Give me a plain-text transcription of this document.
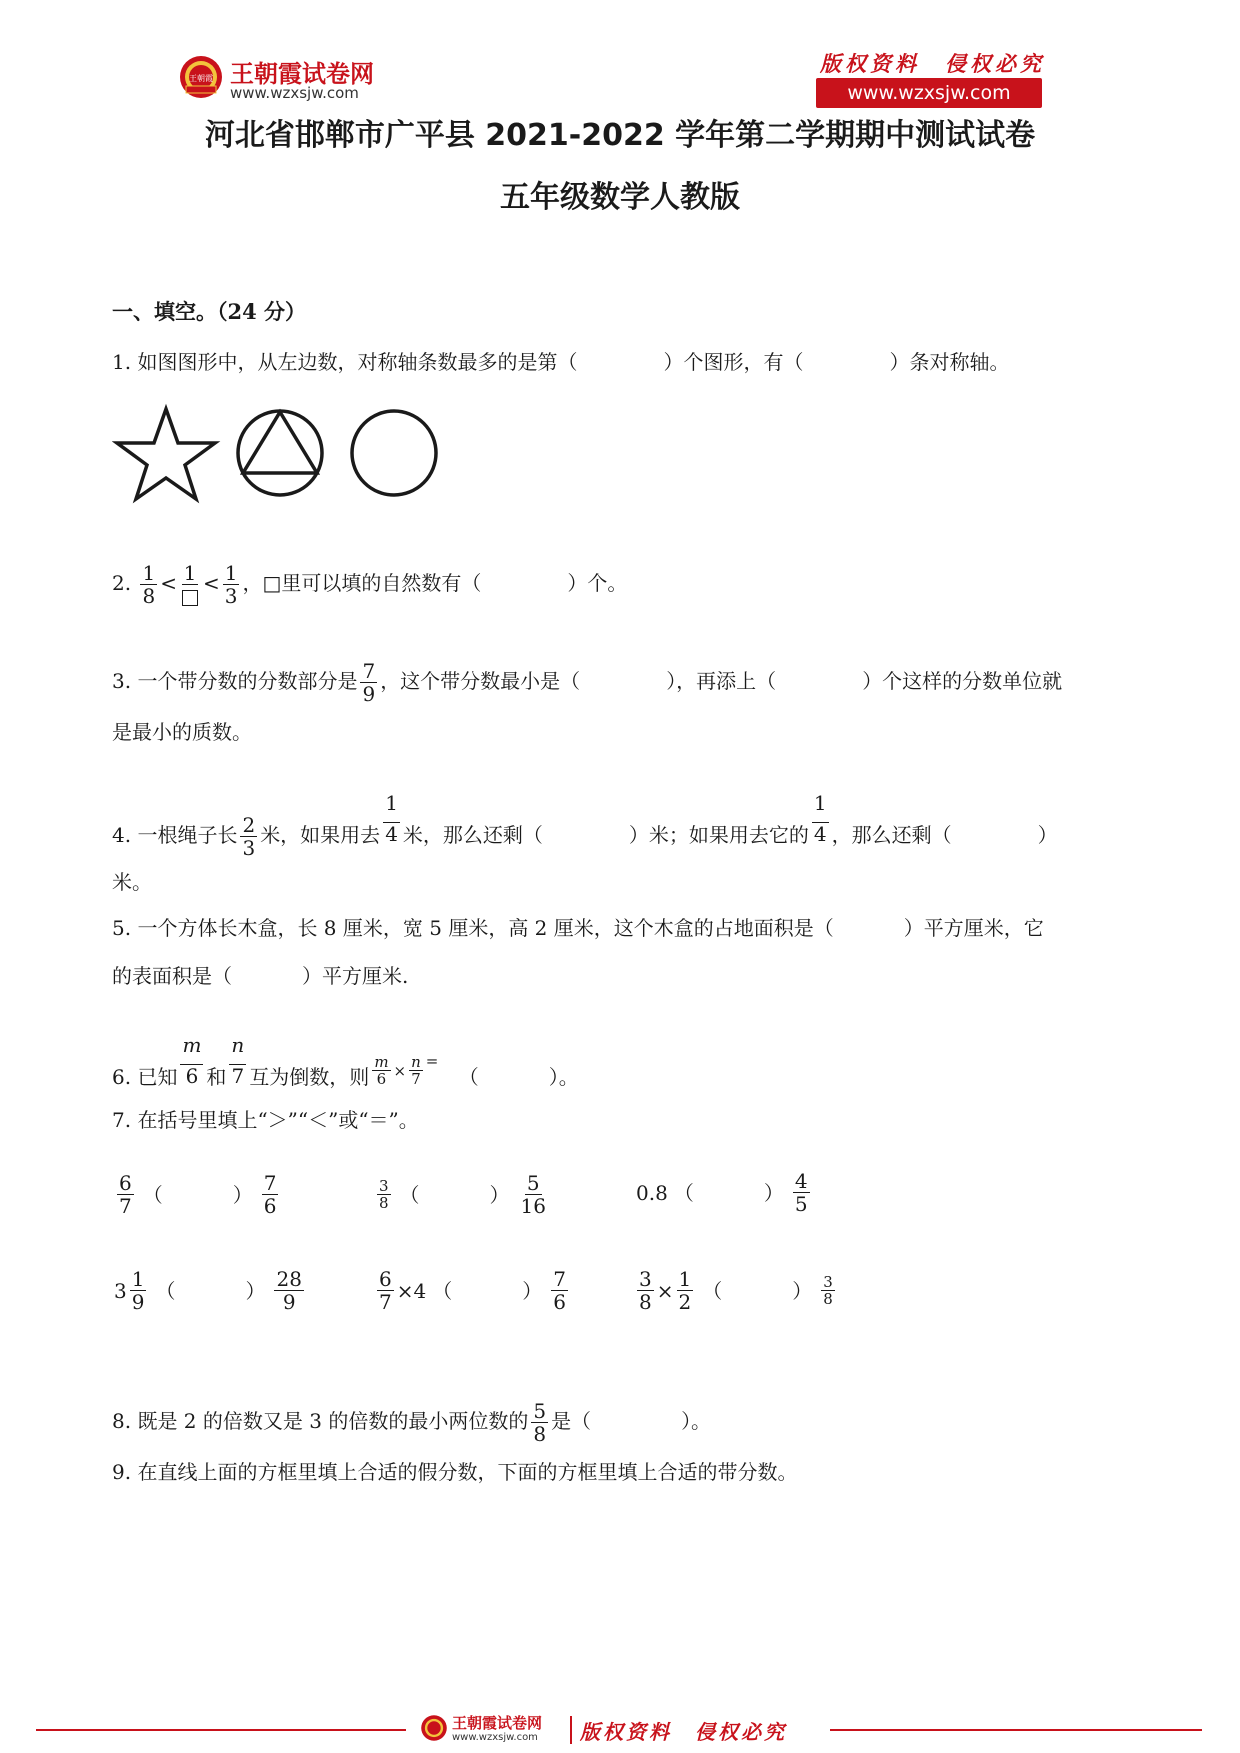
王朝霞 王朝霞试卷网
www.wzxsjw.com
版权资料　侵权必究
www.wzxsjw.com
河北省邯郸市广平县 2021-2022 学年第二学期期中测试试卷
五年级数学人教版
一、填空。（24 分）
1. 如图图形中，从左边数，对称轴条数最多的是第（	）个图形，有（	）条对称轴。
2. $\frac{1}{8} < 1 < \frac{1}{3}$ ，□里可以填的自然数有（	）个。
3. 一个带分数的分数部分是 $\frac{7}{9}$ ，这个带分数最小是（	），再添上（	）个这样的分数单位就
是最小的质数。
4. 一根绳子长 $\frac{2}{3}$ 米，如果用去 $\frac{1}{4}$ 米，那么还剩（	）米；如果用去它的 $\frac{1}{4}$ ，那么还剩（	）
米。
5. 一个方体长木盒，长 8 厘米，宽 5 厘米，高 2 厘米，这个木盒的占地面积是（	）平方厘米，它
的表面积是（	）平方厘米.
6. 已知 $\frac{m}{6}$ 和 $\frac{n}{7}$ 互为倒数，则 $\frac{m}{6} ^\times \frac{n}{7} ^=$ （	）。
7. 在括号里填上“＞”“＜”或“＝”。
$\frac{6}{7}$ （	） $\frac{7}{6}$	$\frac{3}{8}$ （	） $\frac{5}{16}$	0.8 （	） $\frac{4}{5}$
$3 \frac{1}{9}$ （	） $\frac{28}{9}$	$\frac{6}{7} \times 4$ （	） $\frac{7}{6}$	$\frac{3}{8} \times \frac{1}{2}$ （	） $\frac{3}{8}$
8. 既是 2 的倍数又是 3 的倍数的最小两位数的 $\frac{5}{8}$ 是（	）。
9. 在直线上面的方框里填上合适的假分数，下面的方框里填上合适的带分数。
王朝霞试卷网
www.wzxsjw.com 版权资料　侵权必究
